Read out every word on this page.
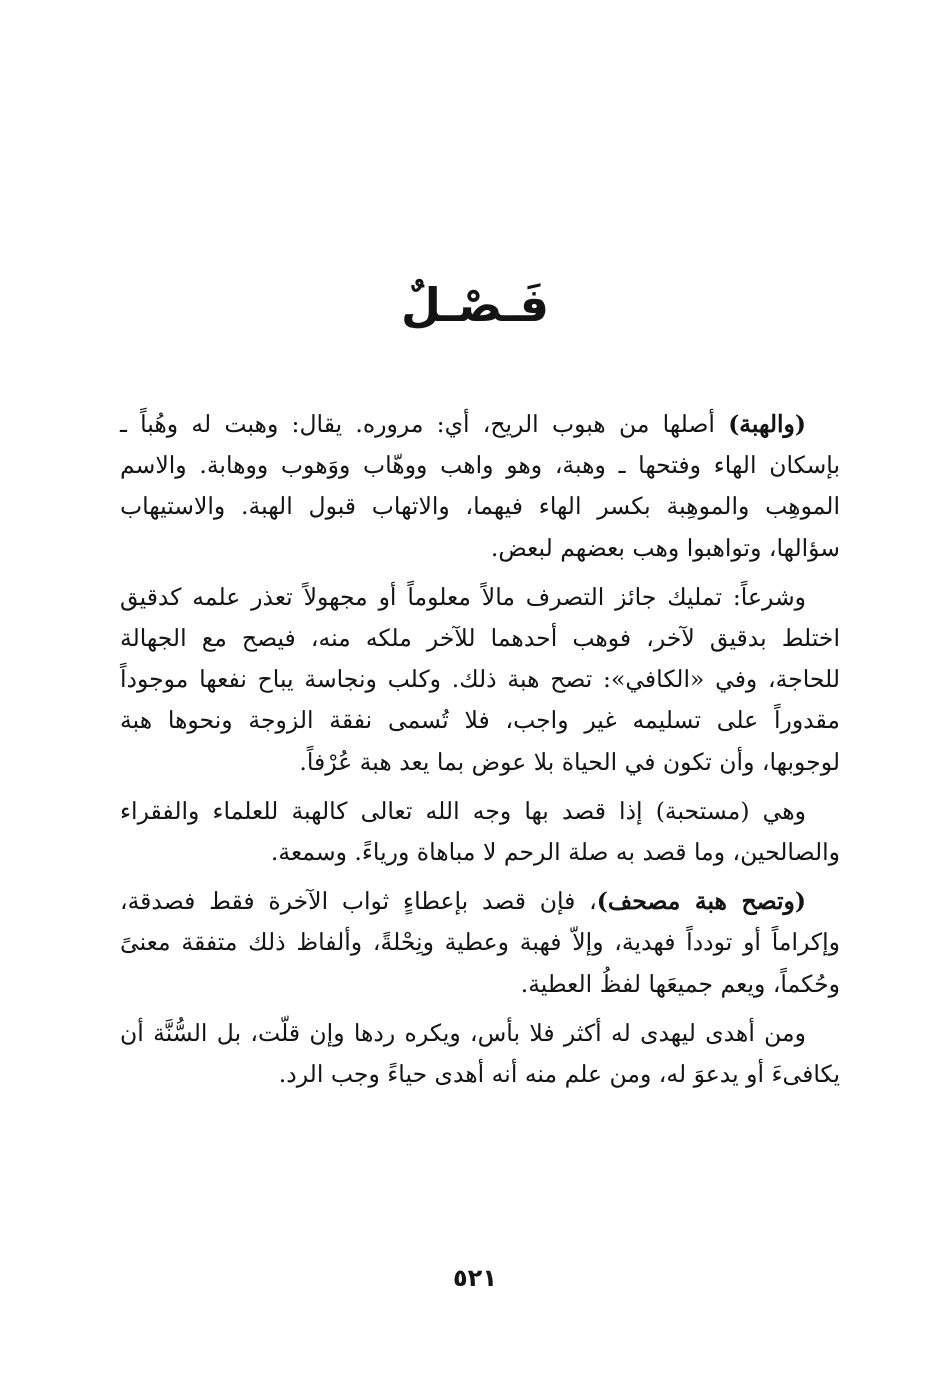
فَـصْـلٌ

(والهبة) أصلها من هبوب الريح، أي: مروره. يقال: وهبت له وهُباً ـ بإسكان الهاء وفتحها ـ وهبة، وهو واهب ووهّاب ووَهوب ووهابة. والاسم الموهِب والموهِبة بكسر الهاء فيهما، والاتهاب قبول الهبة. والاستيهاب سؤالها، وتواهبوا وهب بعضهم لبعض.

وشرعاً: تمليك جائز التصرف مالاً معلوماً أو مجهولاً تعذر علمه كدقيق اختلط بدقيق لآخر، فوهب أحدهما للآخر ملكه منه، فيصح مع الجهالة للحاجة، وفي «الكافي»: تصح هبة ذلك. وكلب ونجاسة يباح نفعها موجوداً مقدوراً على تسليمه غير واجب، فلا تُسمى نفقة الزوجة ونحوها هبة لوجوبها، وأن تكون في الحياة بلا عوض بما يعد هبة عُرْفاً.

وهي (مستحبة) إذا قصد بها وجه الله تعالى كالهبة للعلماء والفقراء والصالحين، وما قصد به صلة الرحم لا مباهاة ورياءً. وسمعة.

(وتصح هبة مصحف)، فإن قصد بإعطاءٍ ثواب الآخرة فقط فصدقة، وإكراماً أو تودداً فهدية، وإلاّ فهبة وعطية ونِحْلةً، وألفاظ ذلك متفقة معنىً وحُكماً، ويعم جميعَها لفظُ العطية.

ومن أهدى ليهدى له أكثر فلا بأس، ويكره ردها وإن قلّت، بل السُّنَّة أن يكافىءَ أو يدعوَ له، ومن علم منه أنه أهدى حياءً وجب الرد.

٥٢١
